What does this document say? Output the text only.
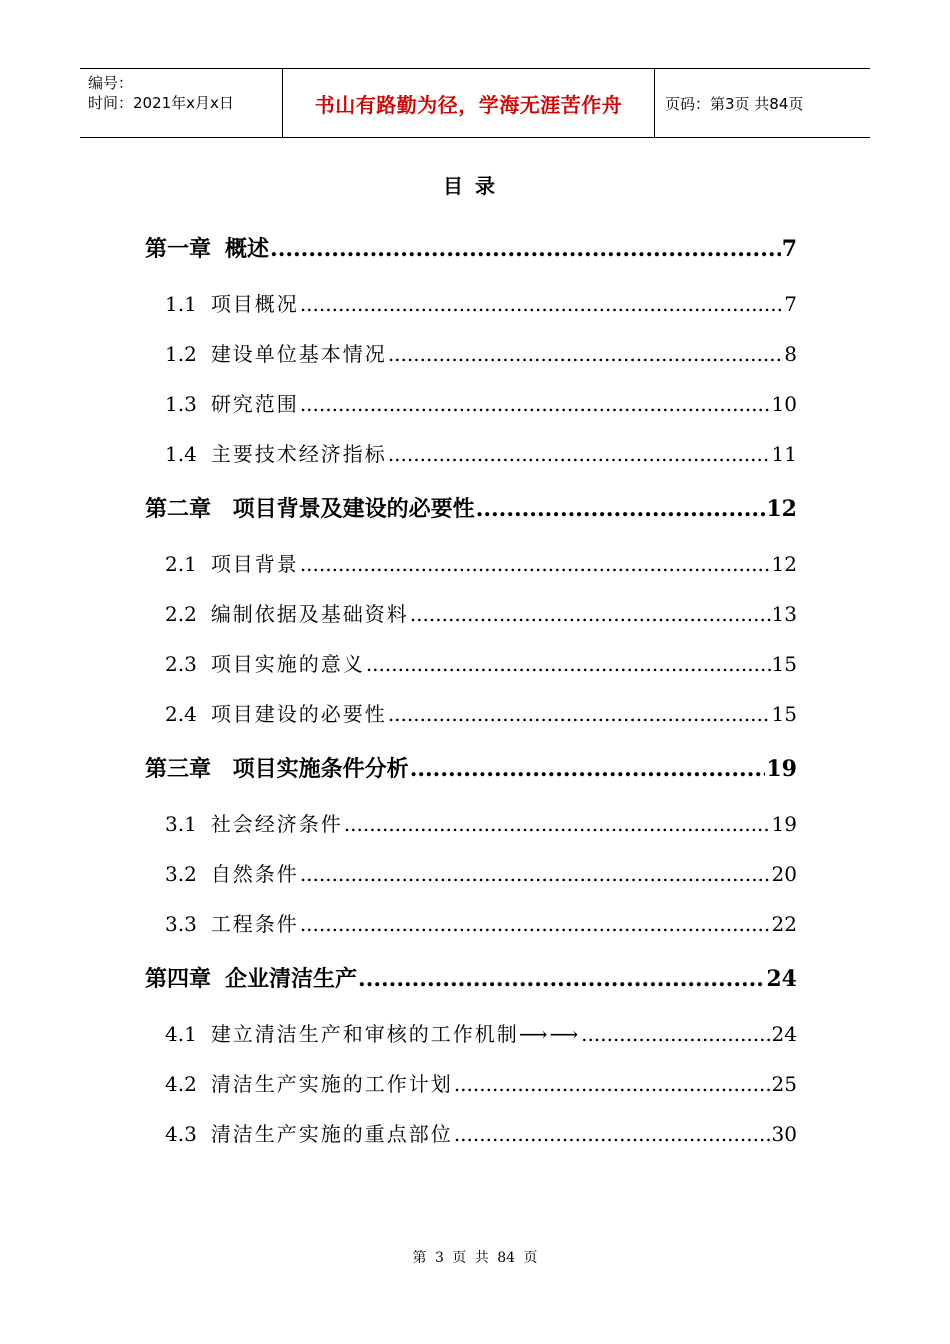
编号：
时间：2021年x月x日	书山有路勤为径，学海无涯苦作舟	页码：第3页 共84页
目录
第一章 概述 .....	7
1.1 项目概况 .....	7
1.2 建设单位基本情况 .....	8
1.3 研究范围 .....	10
1.4 主要技术经济指标 .....	11
第二章 项目背景及建设的必要性 .....	12
2.1 项目背景 .....	12
2.2 编制依据及基础资料 .....	13
2.3 项目实施的意义 .....	15
2.4 项目建设的必要性 .....	15
第三章 项目实施条件分析 .....	19
3.1 社会经济条件 .....	19
3.2 自然条件 .....	20
3.3 工程条件 .....	22
第四章 企业清洁生产 .....	24
4.1 建立清洁生产和审核的工作机制⟶⟶ .....	24
4.2 清洁生产实施的工作计划 .....	25
4.3 清洁生产实施的重点部位 .....	30
第 3 页 共 84 页
